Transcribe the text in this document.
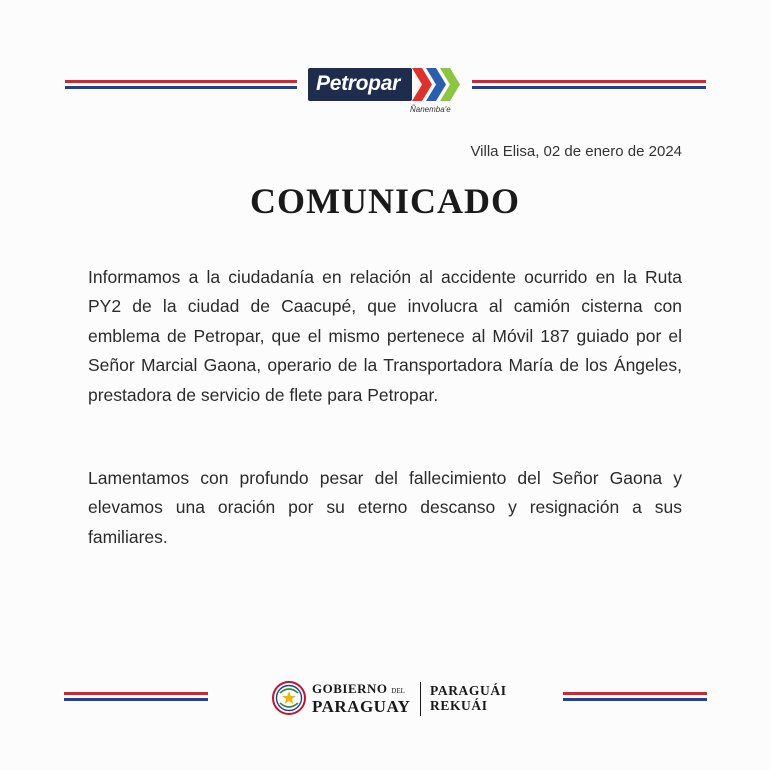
Petropar
Ñanemba'e
Villa Elisa, 02 de enero de 2024
COMUNICADO
Informamos a la ciudadanía en relación al accidente ocurrido en la Ruta PY2 de la ciudad de Caacupé, que involucra al camión cisterna con emblema de Petropar, que el mismo pertenece al Móvil 187 guiado por el Señor Marcial Gaona, operario de la Transportadora María de los Ángeles, prestadora de servicio de flete para Petropar.
Lamentamos con profundo pesar del fallecimiento del Señor Gaona y elevamos una oración por su eterno descanso y resignación a sus familiares.
GOBIERNO DEL
PARAGUAY
PARAGUÁI
REKUÁI
